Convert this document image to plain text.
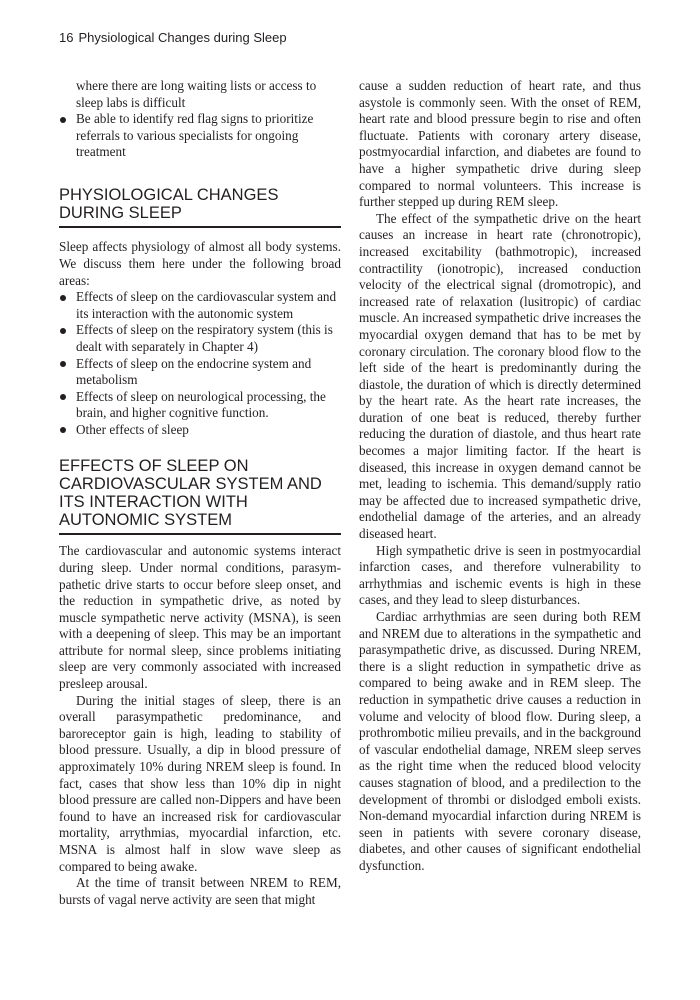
16 Physiological Changes during Sleep

where there are long waiting lists or access to sleep labs is difficult

Be able to identify red flag signs to prioritize referrals to various specialists for ongoing treatment
PHYSIOLOGICAL CHANGES DURING SLEEP

Sleep affects physiology of almost all body systems. We discuss them here under the following broad areas:

Effects of sleep on the cardiovascular system and its interaction with the autonomic system
Effects of sleep on the respiratory system (this is dealt with separately in Chapter 4)
Effects of sleep on the endocrine system and metabolism
Effects of sleep on neurological processing, the brain, and higher cognitive function.
Other effects of sleep
EFFECTS OF SLEEP ON CARDIOVASCULAR SYSTEM AND ITS INTERACTION WITH AUTONOMIC SYSTEM

The cardiovascular and autonomic systems interact during sleep. Under normal conditions, parasympathetic drive starts to occur before sleep onset, and the reduction in sympathetic drive, as noted by muscle sympathetic nerve activity (MSNA), is seen with a deepening of sleep. This may be an important attribute for normal sleep, since problems initiating sleep are very commonly associated with increased presleep arousal.

During the initial stages of sleep, there is an overall parasympathetic predominance, and baroreceptor gain is high, leading to stability of blood pressure. Usually, a dip in blood pressure of approximately 10% during NREM sleep is found. In fact, cases that show less than 10% dip in night blood pressure are called non-Dippers and have been found to have an increased risk for cardiovascular mortality, arrythmias, myocardial infarction, etc. MSNA is almost half in slow wave sleep as compared to being awake.

At the time of transit between NREM to REM, bursts of vagal nerve activity are seen that might

cause a sudden reduction of heart rate, and thus asystole is commonly seen. With the onset of REM, heart rate and blood pressure begin to rise and often fluctuate. Patients with coronary artery disease, postmyocardial infarction, and diabetes are found to have a higher sympathetic drive during sleep compared to normal volunteers. This increase is further stepped up during REM sleep.

The effect of the sympathetic drive on the heart causes an increase in heart rate (chronotropic), increased excitability (bathmotropic), increased contractility (ionotropic), increased conduction velocity of the electrical signal (dromotropic), and increased rate of relaxation (lusitropic) of cardiac muscle. An increased sympathetic drive increases the myocardial oxygen demand that has to be met by coronary circulation. The coronary blood flow to the left side of the heart is predominantly during the diastole, the duration of which is directly determined by the heart rate. As the heart rate increases, the duration of one beat is reduced, thereby further reducing the duration of diastole, and thus heart rate becomes a major limiting factor. If the heart is diseased, this increase in oxygen demand cannot be met, leading to ischemia. This demand/supply ratio may be affected due to increased sympathetic drive, endothelial damage of the arteries, and an already diseased heart.

High sympathetic drive is seen in postmyocardial infarction cases, and therefore vulnerability to arrhythmias and ischemic events is high in these cases, and they lead to sleep disturbances.

Cardiac arrhythmias are seen during both REM and NREM due to alterations in the sympathetic and parasympathetic drive, as discussed. During NREM, there is a slight reduction in sympathetic drive as compared to being awake and in REM sleep. The reduction in sympathetic drive causes a reduction in volume and velocity of blood flow. During sleep, a prothrombotic milieu prevails, and in the background of vascular endothelial damage, NREM sleep serves as the right time when the reduced blood velocity causes stagnation of blood, and a predilection to the development of thrombi or dislodged emboli exists. Non-demand myocardial infarction during NREM is seen in patients with severe coronary disease, diabetes, and other causes of significant endothelial dysfunction.
